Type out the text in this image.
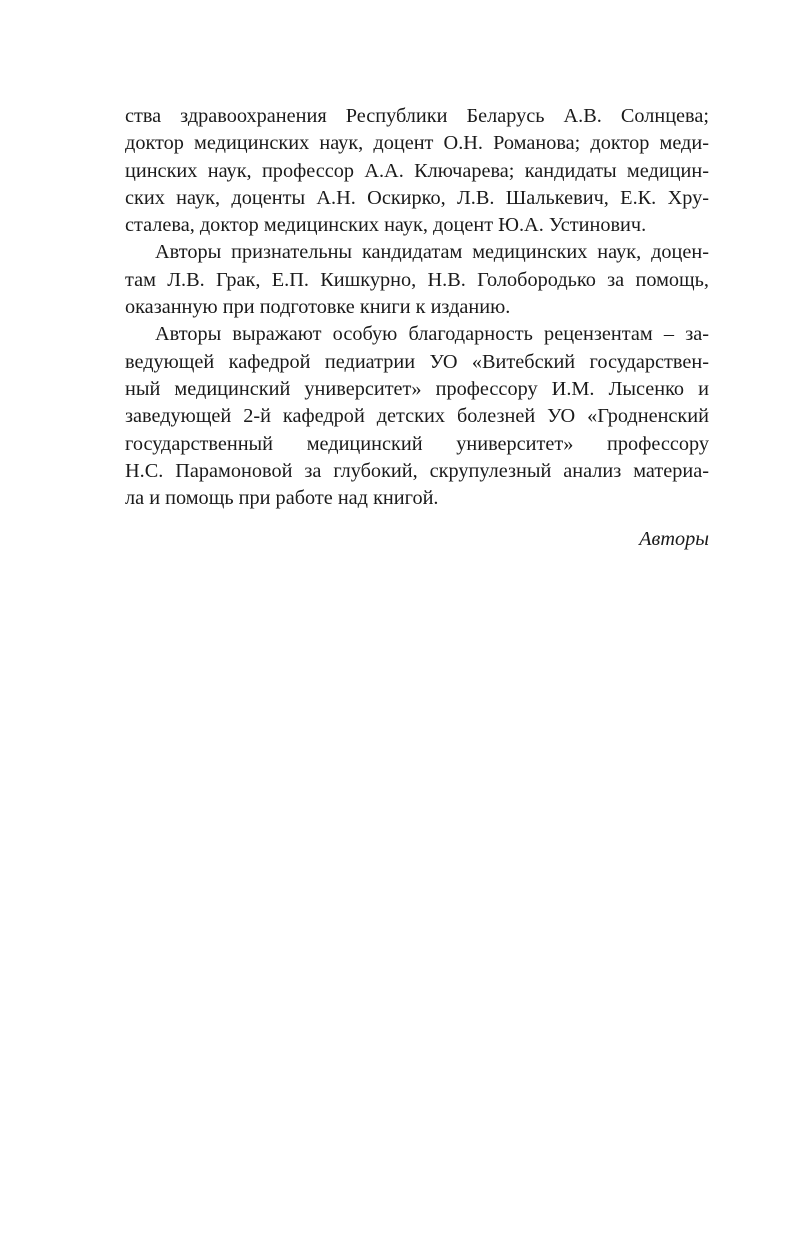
ства здравоохранения Республики Беларусь А.В. Солнцева;
доктор медицинских наук, доцент О.Н. Романова; доктор меди-
цинских наук, профессор А.А. Ключарева; кандидаты медицин-
ских наук, доценты А.Н. Оскирко, Л.В. Шалькевич, Е.К. Хру-
сталева, доктор медицинских наук, доцент Ю.А. Устинович.
Авторы признательны кандидатам медицинских наук, доцен-
там Л.В. Грак, Е.П. Кишкурно, Н.В. Голобородько за помощь,
оказанную при подготовке книги к изданию.
Авторы выражают особую благодарность рецензентам – за-
ведующей кафедрой педиатрии УО «Витебский государствен-
ный медицинский университет» профессору И.М. Лысенко и
заведующей 2-й кафедрой детских болезней УО «Гродненский
государственный медицинский университет» профессору
Н.С. Парамоновой за глубокий, скрупулезный анализ материа-
ла и помощь при работе над книгой.
Авторы
